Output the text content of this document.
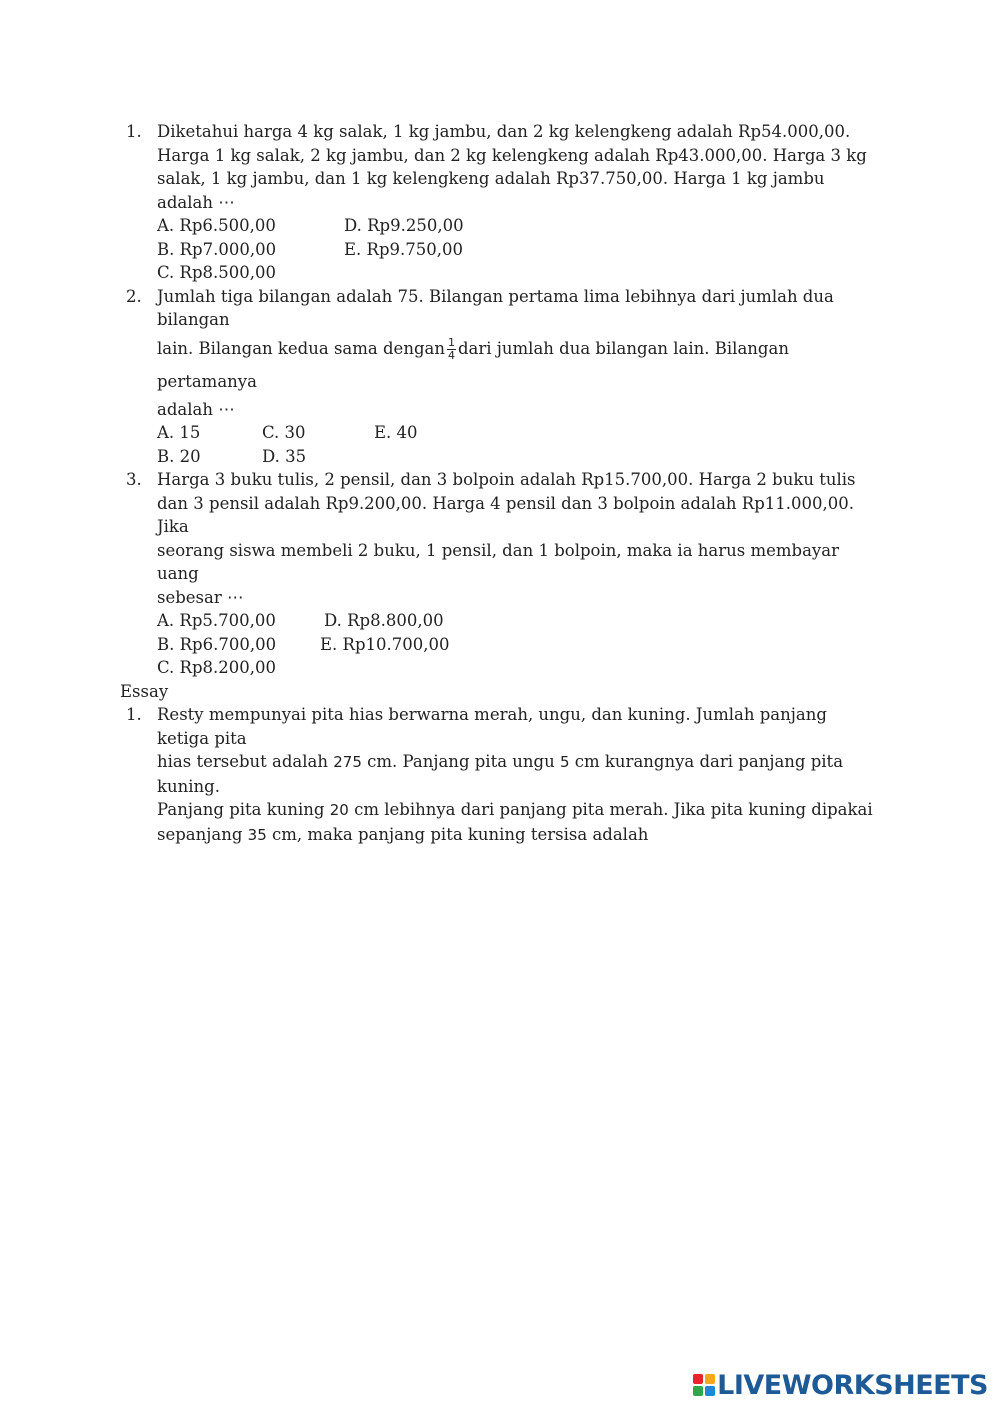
1. Diketahui harga 4 kg salak, 1 kg jambu, dan 2 kg kelengkeng adalah Rp54.000,00.
Harga 1 kg salak, 2 kg jambu, dan 2 kg kelengkeng adalah Rp43.000,00. Harga 3 kg
salak, 1 kg jambu, dan 1 kg kelengkeng adalah Rp37.750,00. Harga 1 kg jambu adalah ⋯
A. Rp6.500,00	D. Rp9.250,00
B. Rp7.000,00	E. Rp9.750,00
C. Rp8.500,00
2. Jumlah tiga bilangan adalah 75. Bilangan pertama lima lebihnya dari jumlah dua bilangan
lain. Bilangan kedua sama dengan $\frac{1}{4}$ dari jumlah dua bilangan lain. Bilangan pertamanya
adalah ⋯
A. 15	C. 30	E. 40
B. 20	D. 35
3. Harga 3 buku tulis, 2 pensil, dan 3 bolpoin adalah Rp15.700,00. Harga 2 buku tulis
dan 3 pensil adalah Rp9.200,00. Harga 4 pensil dan 3 bolpoin adalah Rp11.000,00. Jika
seorang siswa membeli 2 buku, 1 pensil, dan 1 bolpoin, maka ia harus membayar uang
sebesar ⋯
A. Rp5.700,00	D. Rp8.800,00
B. Rp6.700,00	E. Rp10.700,00
C. Rp8.200,00
Essay
1. Resty mempunyai pita hias berwarna merah, ungu, dan kuning. Jumlah panjang ketiga pita
hias tersebut adalah 275 cm. Panjang pita ungu 5 cm kurangnya dari panjang pita kuning.
Panjang pita kuning 20 cm lebihnya dari panjang pita merah. Jika pita kuning dipakai
sepanjang 35 cm, maka panjang pita kuning tersisa adalah
LIVEWORKSHEETS
